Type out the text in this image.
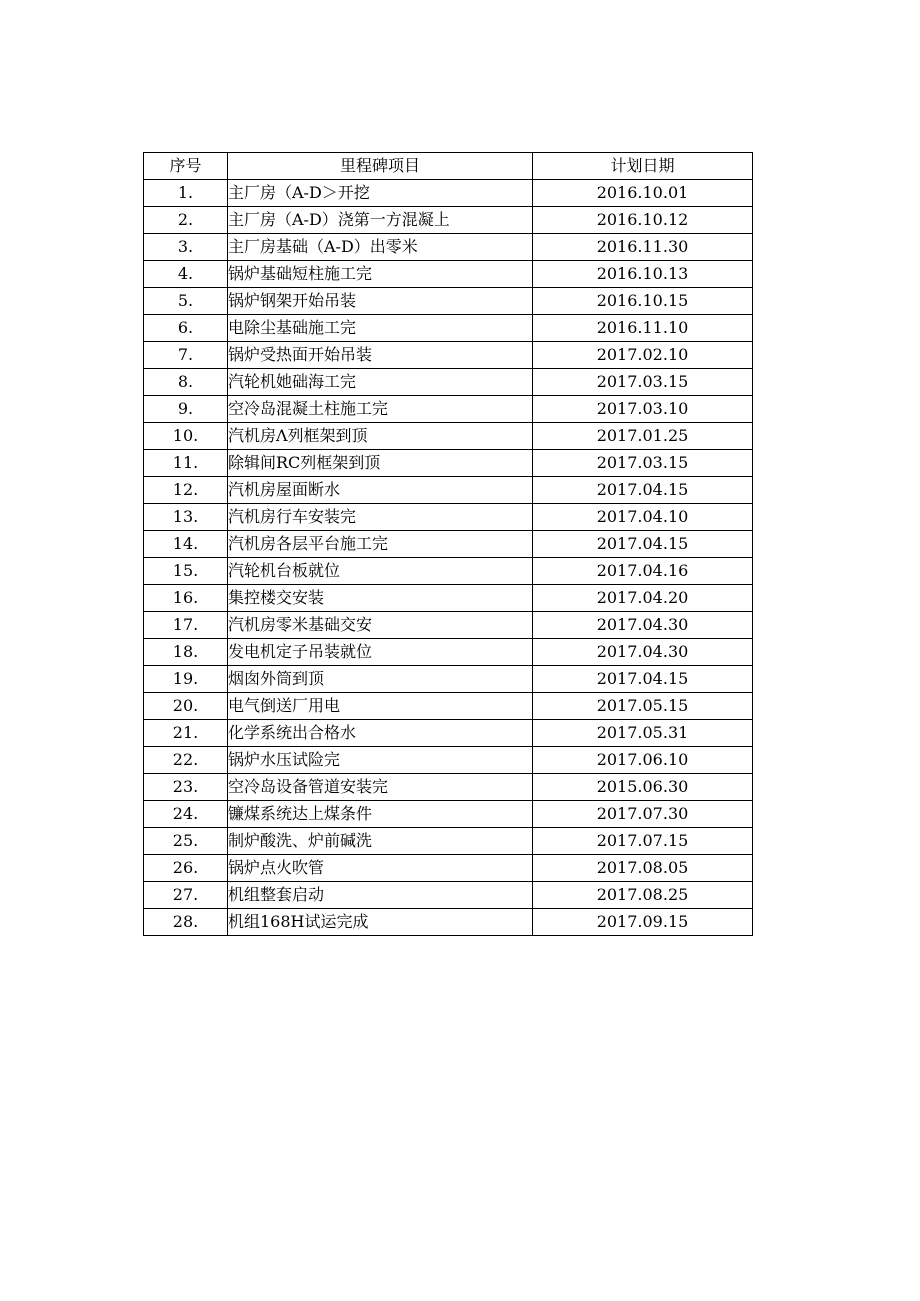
序号	里程碑项目	计划日期
1.	主厂房（A-D＞开挖	2016.10.01
2.	主厂房（A-D）浇第一方混凝上	2016.10.12
3.	主厂房基础（A-D）出零米	2016.11.30
4.	锅炉基础短柱施工完	2016.10.13
5.	锅炉钢架开始吊装	2016.10.15
6.	电除尘基础施工完	2016.11.10
7.	锅炉受热面开始吊装	2017.02.10
8.	汽轮机她础海工完	2017.03.15
9.	空冷岛混凝土柱施工完	2017.03.10
10.	汽机房Λ列框架到顶	2017.01.25
11.	除辑间RC列框架到顶	2017.03.15
12.	汽机房屋面断水	2017.04.15
13.	汽机房行车安装完	2017.04.10
14.	汽机房各层平台施工完	2017.04.15
15.	汽轮机台板就位	2017.04.16
16.	集控楼交安装	2017.04.20
17.	汽机房零米基础交安	2017.04.30
18.	发电机定子吊装就位	2017.04.30
19.	烟囱外筒到顶	2017.04.15
20.	电气倒送厂用电	2017.05.15
21.	化学系统出合格水	2017.05.31
22.	锅炉水压试险完	2017.06.10
23.	空冷岛设备管道安装完	2015.06.30
24.	镰煤系统达上煤条件	2017.07.30
25.	制炉酸洗、炉前碱洗	2017.07.15
26.	锅炉点火吹管	2017.08.05
27.	机组整套启动	2017.08.25
28.	机组168H试运完成	2017.09.15
